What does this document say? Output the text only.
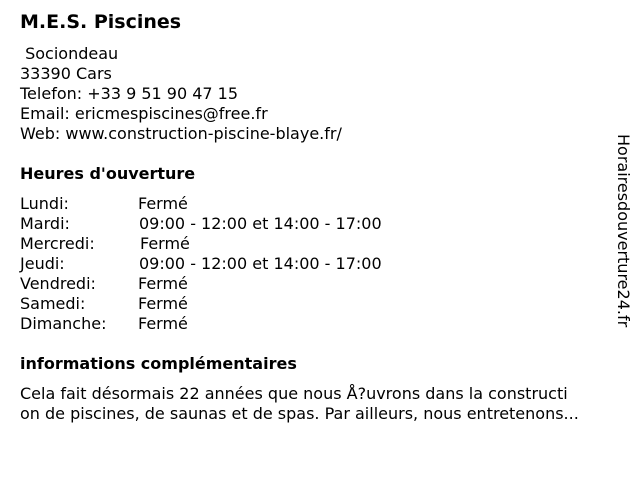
M.E.S. Piscines
Sociondeau
33390 Cars
Telefon: +33 9 51 90 47 15
Email: ericmespiscines@free.fr
Web: www.construction-piscine-blaye.fr/
Heures d'ouverture
Lundi:	Fermé
Mardi:	09:00 - 12:00 et 14:00 - 17:00
Mercredi:	Fermé
Jeudi:	09:00 - 12:00 et 14:00 - 17:00
Vendredi:	Fermé
Samedi:	Fermé
Dimanche: Fermé
informations complémentaires
Cela fait désormais 22 années que nous Å?uvrons dans la constructi
on de piscines, de saunas et de spas. Par ailleurs, nous entretenons...
Horairesdouverture24.fr
